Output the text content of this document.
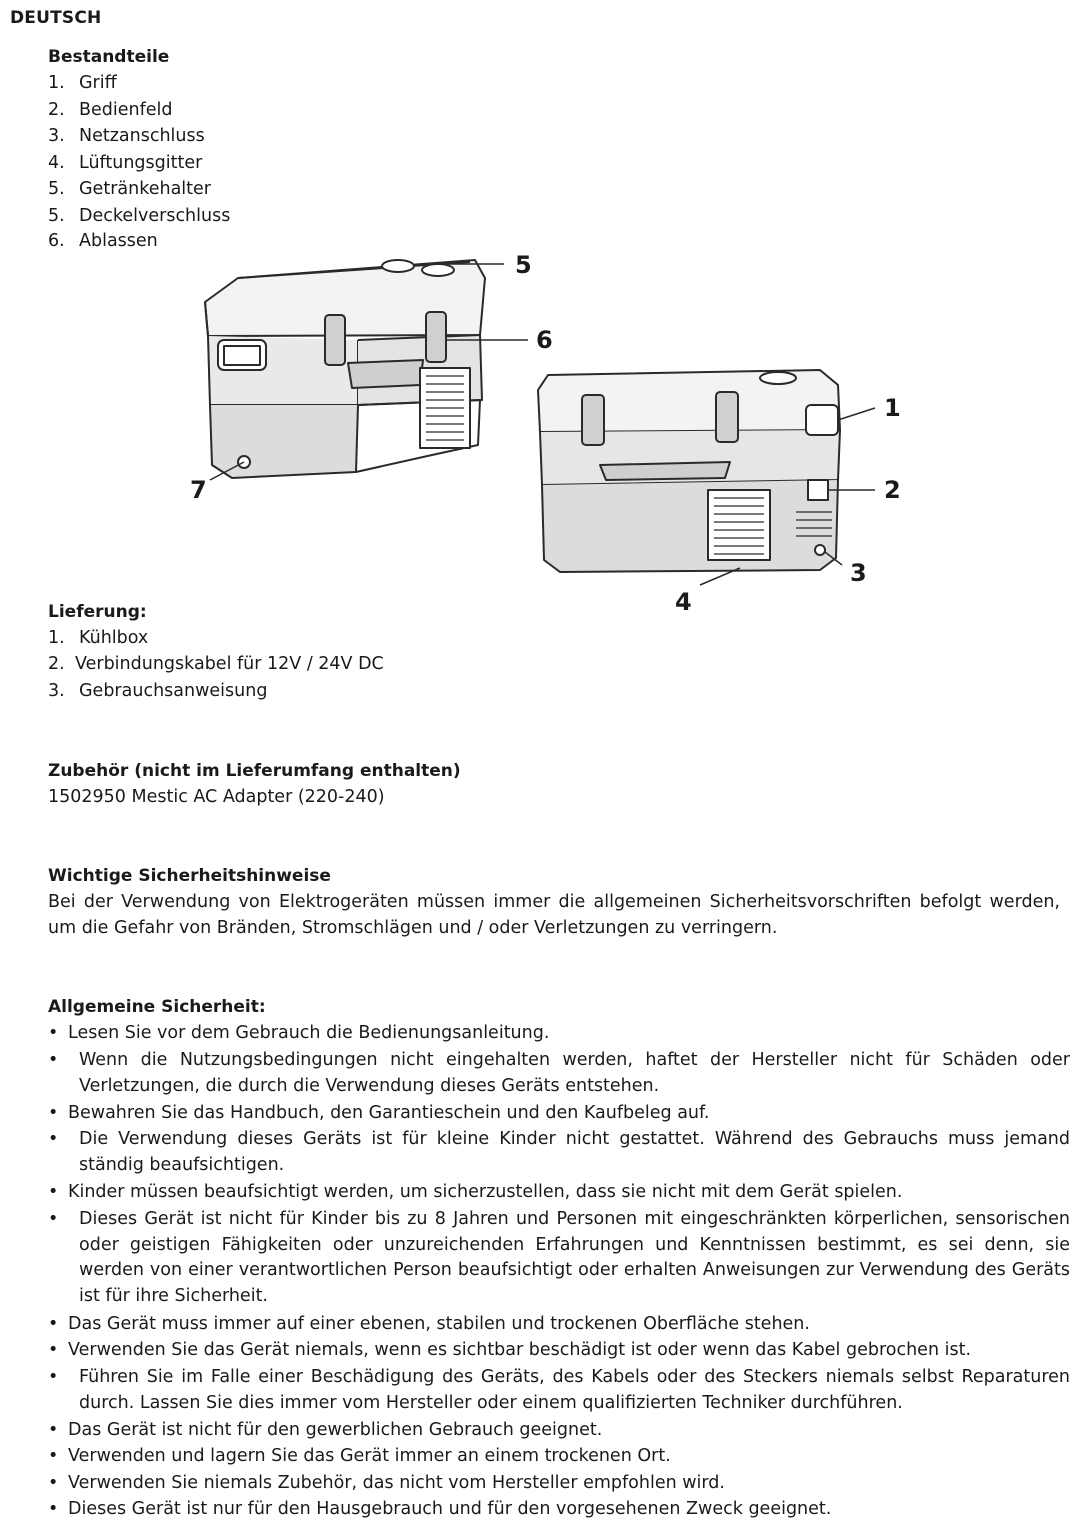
DEUTSCH
Bestandteile
1. Griff
2. Bedienfeld
3. Netzanschluss
4. Lüftungsgitter
5. Getränkehalter
5. Deckelverschluss
6. Ablassen
5
6
7
1
2
3
4
Lieferung:
1. Kühlbox
2. Verbindungskabel für 12V / 24V DC
3. Gebrauchsanweisung
Zubehör (nicht im Lieferumfang enthalten)
1502950 Mestic AC Adapter (220-240)
Wichtige Sicherheitshinweise
Bei der Verwendung von Elektrogeräten müssen immer die allgemeinen Sicherheitsvorschriften befolgt werden, um die Gefahr von Bränden, Stromschlägen und / oder Verletzungen zu verringern.
Allgemeine Sicherheit:
• Lesen Sie vor dem Gebrauch die Bedienungsanleitung.
• Wenn die Nutzungsbedingungen nicht eingehalten werden, haftet der Hersteller nicht für Schäden oder Verletzungen, die durch die Verwendung dieses Geräts entstehen.
• Bewahren Sie das Handbuch, den Garantieschein und den Kaufbeleg auf.
• Die Verwendung dieses Geräts ist für kleine Kinder nicht gestattet. Während des Gebrauchs muss jemand ständig beaufsichtigen.
• Kinder müssen beaufsichtigt werden, um sicherzustellen, dass sie nicht mit dem Gerät spielen.
• Dieses Gerät ist nicht für Kinder bis zu 8 Jahren und Personen mit eingeschränkten körperlichen, sensorischen oder geistigen Fähigkeiten oder unzureichenden Erfahrungen und Kenntnissen bestimmt, es sei denn, sie werden von einer verantwortlichen Person beaufsichtigt oder erhalten Anweisungen zur Verwendung des Geräts ist für ihre Sicherheit.
• Das Gerät muss immer auf einer ebenen, stabilen und trockenen Oberfläche stehen.
• Verwenden Sie das Gerät niemals, wenn es sichtbar beschädigt ist oder wenn das Kabel gebrochen ist.
• Führen Sie im Falle einer Beschädigung des Geräts, des Kabels oder des Steckers niemals selbst Reparaturen durch. Lassen Sie dies immer vom Hersteller oder einem qualifizierten Techniker durchführen.
• Das Gerät ist nicht für den gewerblichen Gebrauch geeignet.
• Verwenden und lagern Sie das Gerät immer an einem trockenen Ort.
• Verwenden Sie niemals Zubehör, das nicht vom Hersteller empfohlen wird.
• Dieses Gerät ist nur für den Hausgebrauch und für den vorgesehenen Zweck geeignet.
